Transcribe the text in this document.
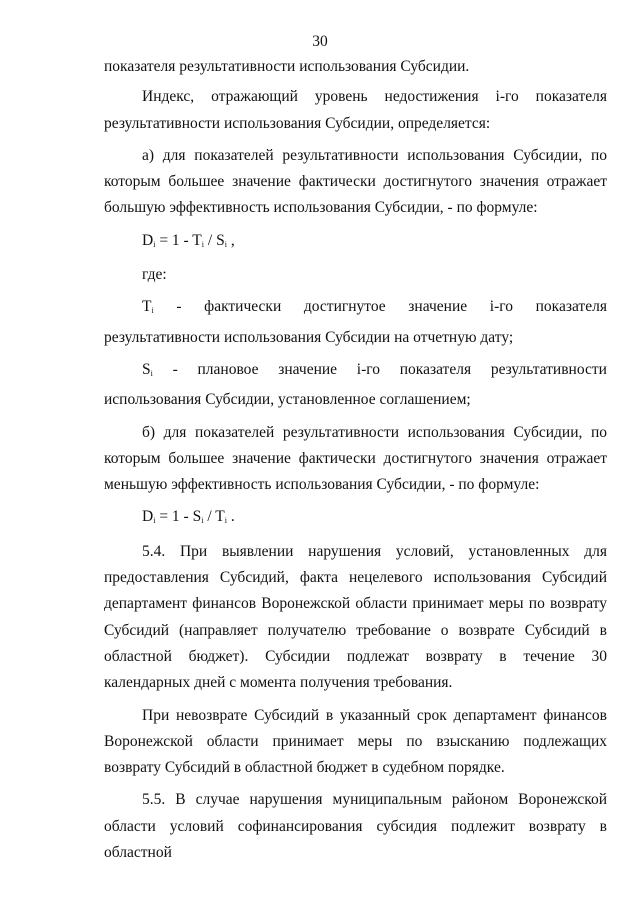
30

показателя результативности использования Субсидии.

Индекс, отражающий уровень недостижения i-го показателя результативности использования Субсидии, определяется:

а) для показателей результативности использования Субсидии, по которым большее значение фактически достигнутого значения отражает большую эффективность использования Субсидии, - по формуле:

$D_i = 1 - T_i / S_i$ ,

где:

$T_i$ - фактически достигнутое значение i-го показателя

результативности использования Субсидии на отчетную дату;

$S_i$ - плановое значение i-го показателя результативности

использования Субсидии, установленное соглашением;

б) для показателей результативности использования Субсидии, по которым большее значение фактически достигнутого значения отражает меньшую эффективность использования Субсидии, - по формуле:

$D_i = 1 - S_i / T_i$ .

5.4. При выявлении нарушения условий, установленных для предоставления Субсидий, факта нецелевого использования Субсидий департамент финансов Воронежской области принимает меры по возврату Субсидий (направляет получателю требование о возврате Субсидий в областной бюджет). Субсидии подлежат возврату в течение 30 календарных дней с момента получения требования.

При невозврате Субсидий в указанный срок департамент финансов Воронежской области принимает меры по взысканию подлежащих возврату Субсидий в областной бюджет в судебном порядке.

5.5. В случае нарушения муниципальным районом Воронежской области условий софинансирования субсидия подлежит возврату в областной
